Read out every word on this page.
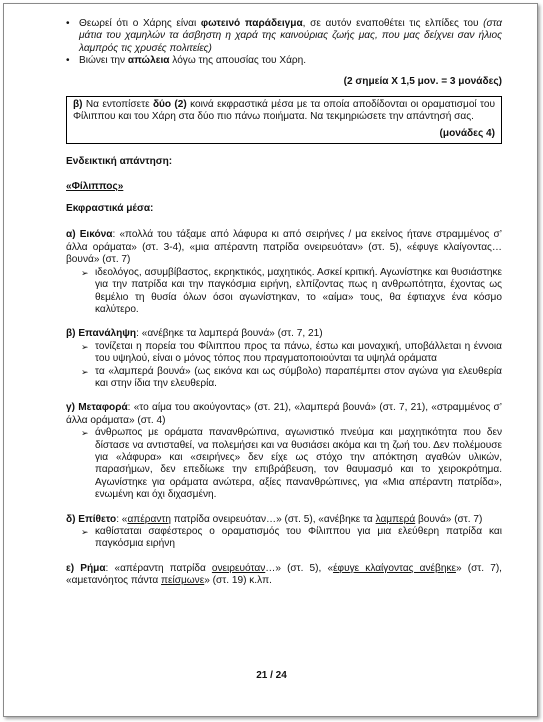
• Θεωρεί ότι ο Χάρης είναι φωτεινό παράδειγμα, σε αυτόν εναποθέτει τις ελπίδες του (στα μάτια του χαμηλών τα άσβηστη η χαρά της καινούριας ζωής μας, που μας δείχνει σαν ήλιος λαμπρός τις χρυσές πολιτείες)
• Βιώνει την απώλεια λόγω της απουσίας του Χάρη.
(2 σημεία Χ 1,5 μον. = 3 μονάδες)

β) Να εντοπίσετε δύο (2) κοινά εκφραστικά μέσα με τα οποία αποδίδονται οι οραματισμοί του Φίλιππου και του Χάρη στα δύο πιο πάνω ποιήματα. Να τεκμηριώσετε την απάντησή σας.

(μονάδες 4)
Ενδεικτική απάντηση:
«Φίλιππος»
Εκφραστικά μέσα:
α) Εικόνα: «πολλά του τάξαμε από λάφυρα κι από σειρήνες / μα εκείνος ήτανε στραμμένος σ’ άλλα οράματα» (στ. 3-4), «μια απέραντη πατρίδα ονειρευόταν» (στ. 5), «έφυγε κλαίγοντας… βουνά» (στ. 7)
➢ ιδεολόγος, ασυμβίβαστος, εκρηκτικός, μαχητικός. Ασκεί κριτική. Αγωνίστηκε και θυσιάστηκε για την πατρίδα και την παγκόσμια ειρήνη, ελπίζοντας πως η ανθρωπότητα, έχοντας ως θεμέλιο τη θυσία όλων όσοι αγωνίστηκαν, το «αίμα» τους, θα έφτιαχνε ένα κόσμο καλύτερο.
β) Επανάληψη: «ανέβηκε τα λαμπερά βουνά» (στ. 7, 21)
➢ τονίζεται η πορεία του Φίλιππου προς τα πάνω, έστω και μοναχική, υποβάλλεται η έννοια του υψηλού, είναι ο μόνος τόπος που πραγματοποιούνται τα υψηλά οράματα
➢ τα «λαμπερά βουνά» (ως εικόνα και ως σύμβολο) παραπέμπει στον αγώνα για ελευθερία και στην ίδια την ελευθερία.
γ) Μεταφορά: «το αίμα του ακούγοντας» (στ. 21), «λαμπερά βουνά» (στ. 7, 21), «στραμμένος σ’ άλλα οράματα» (στ. 4)
➢ άνθρωπος με οράματα πανανθρώπινα, αγωνιστικό πνεύμα και μαχητικότητα που δεν δίστασε να αντισταθεί, να πολεμήσει και να θυσιάσει ακόμα και τη ζωή του. Δεν πολέμουσε για «λάφυρα» και «σειρήνες» δεν είχε ως στόχο την απόκτηση αγαθών υλικών, παρασήμων, δεν επεδίωκε την επιβράβευση, τον θαυμασμό και το χειροκρότημα. Αγωνίστηκε για οράματα ανώτερα, αξίες πανανθρώπινες, για «Μια απέραντη πατρίδα», ενωμένη και όχι διχασμένη.
δ) Επίθετο: «απέραντη πατρίδα ονειρευόταν…» (στ. 5), «ανέβηκε τα λαμπερά βουνά» (στ. 7)
➢ καθίσταται σαφέστερος ο οραματισμός του Φίλιππου για μια ελεύθερη πατρίδα και παγκόσμια ειρήνη
ε) Ρήμα: «απέραντη πατρίδα ονειρευόταν…» (στ. 5), «έφυγε κλαίγοντας ανέβηκε» (στ. 7), «αμετανόητος πάντα πείσμωνε» (στ. 19) κ.λπ.
21 / 24
